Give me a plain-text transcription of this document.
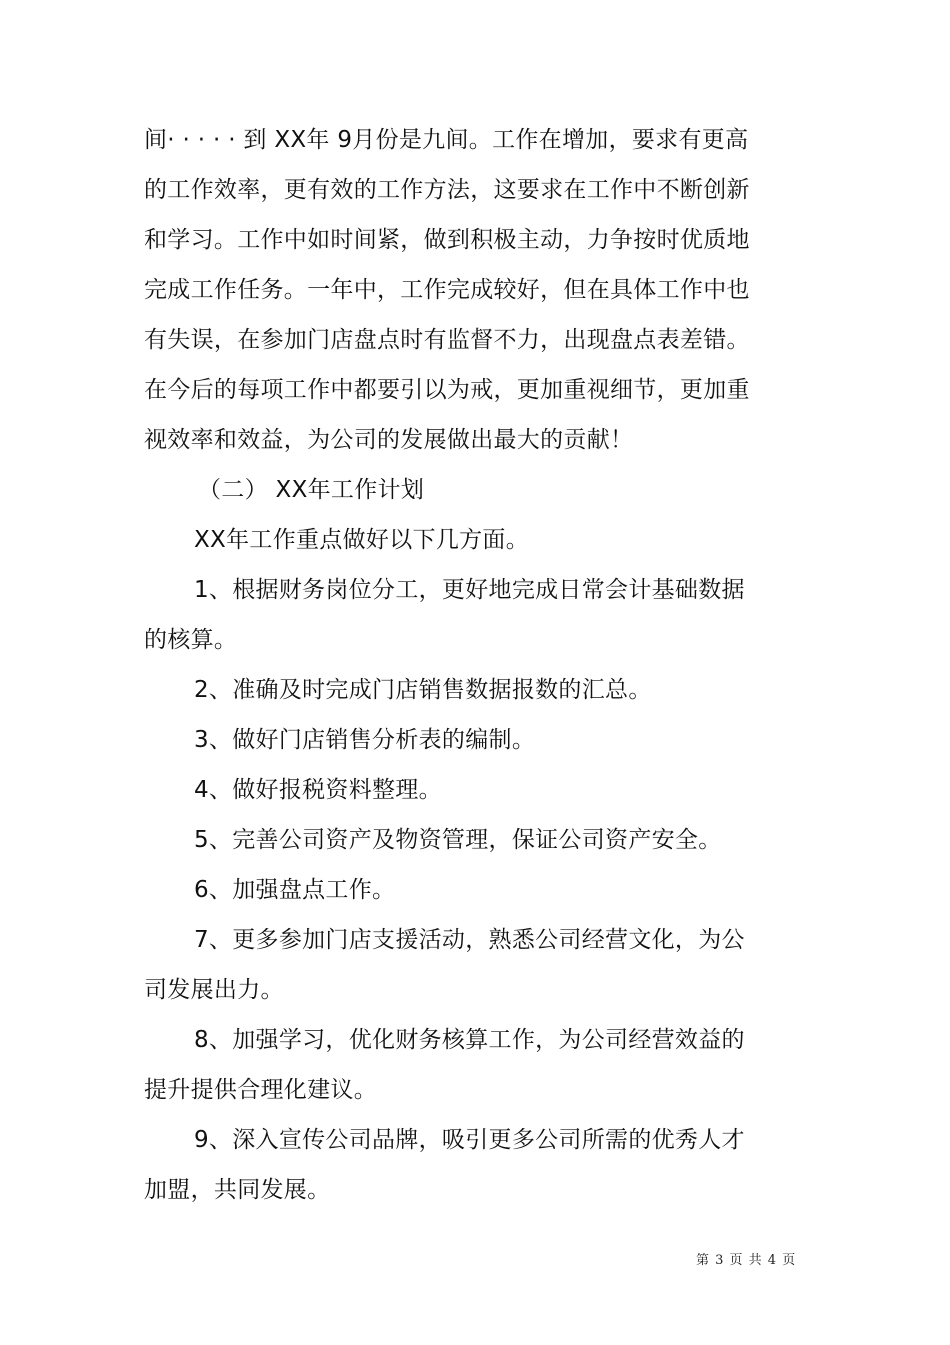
间· · · · · 到 XX年 9月份是九间。工作在增加，要求有更高
的工作效率，更有效的工作方法，这要求在工作中不断创新
和学习。工作中如时间紧，做到积极主动，力争按时优质地
完成工作任务。一年中，工作完成较好，但在具体工作中也
有失误，在参加门店盘点时有监督不力，出现盘点表差错。
在今后的每项工作中都要引以为戒，更加重视细节，更加重
视效率和效益，为公司的发展做出最大的贡献！
（二） XX年工作计划
XX年工作重点做好以下几方面。
1、根据财务岗位分工，更好地完成日常会计基础数据
的核算。
2、准确及时完成门店销售数据报数的汇总。
3、做好门店销售分析表的编制。
4、做好报税资料整理。
5、完善公司资产及物资管理，保证公司资产安全。
6、加强盘点工作。
7、更多参加门店支援活动，熟悉公司经营文化，为公
司发展出力。
8、加强学习，优化财务核算工作，为公司经营效益的
提升提供合理化建议。
9、深入宣传公司品牌，吸引更多公司所需的优秀人才
加盟，共同发展。
第 3 页 共 4 页
